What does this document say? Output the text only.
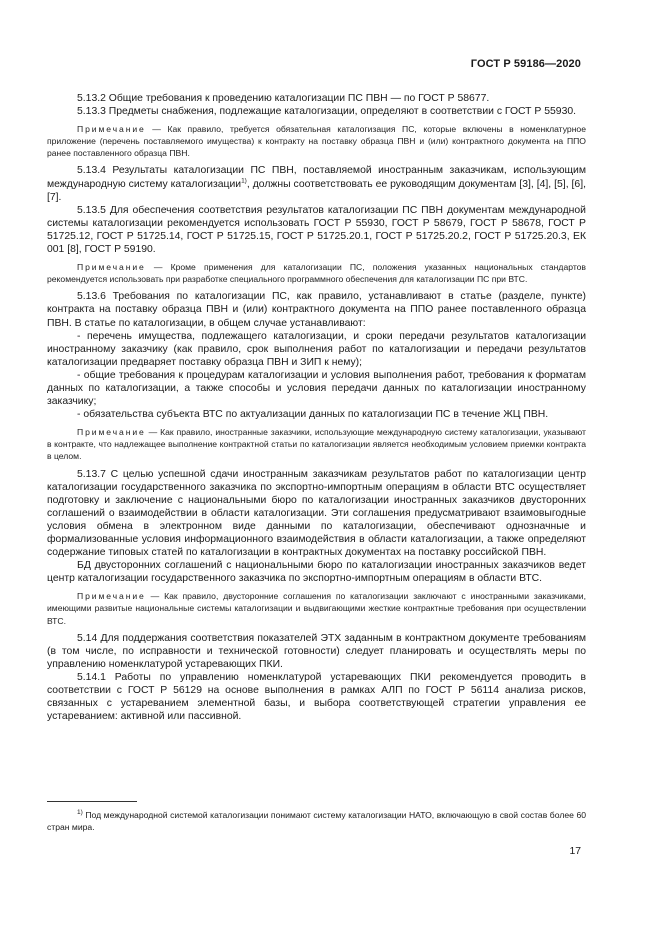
ГОСТ Р 59186—2020

5.13.2 Общие требования к проведению каталогизации ПС ПВН — по ГОСТ Р 58677.

5.13.3 Предметы снабжения, подлежащие каталогизации, определяют в соответствии с ГОСТ Р 55930.

Примечание — Как правило, требуется обязательная каталогизация ПС, которые включены в номенклатурное приложение (перечень поставляемого имущества) к контракту на поставку образца ПВН и (или) контрактного документа на ППО ранее поставленного образца ПВН.

5.13.4 Результаты каталогизации ПС ПВН, поставляемой иностранным заказчикам, использующим международную систему каталогизации$^{1)}$, должны соответствовать ее руководящим документам [3], [4], [5], [6], [7].

5.13.5 Для обеспечения соответствия результатов каталогизации ПС ПВН документам международной системы каталогизации рекомендуется использовать ГОСТ Р 55930, ГОСТ Р 58679, ГОСТ Р 58678, ГОСТ Р 51725.12, ГОСТ Р 51725.14, ГОСТ Р 51725.15, ГОСТ Р 51725.20.1, ГОСТ Р 51725.20.2, ГОСТ Р 51725.20.3, ЕК 001 [8], ГОСТ Р 59190.

Примечание — Кроме применения для каталогизации ПС, положения указанных национальных стандартов рекомендуется использовать при разработке специального программного обеспечения для каталогизации ПС при ВТС.

5.13.6 Требования по каталогизации ПС, как правило, устанавливают в статье (разделе, пункте) контракта на поставку образца ПВН и (или) контрактного документа на ППО ранее поставленного образца ПВН. В статье по каталогизации, в общем случае устанавливают:

- перечень имущества, подлежащего каталогизации, и сроки передачи результатов каталогизации иностранному заказчику (как правило, срок выполнения работ по каталогизации и передачи результатов каталогизации предваряет поставку образца ПВН и ЗИП к нему);

- общие требования к процедурам каталогизации и условия выполнения работ, требования к форматам данных по каталогизации, а также способы и условия передачи данных по каталогизации иностранному заказчику;

- обязательства субъекта ВТС по актуализации данных по каталогизации ПС в течение ЖЦ ПВН.

Примечание — Как правило, иностранные заказчики, использующие международную систему каталогизации, указывают в контракте, что надлежащее выполнение контрактной статьи по каталогизации является необходимым условием приемки контракта в целом.

5.13.7 С целью успешной сдачи иностранным заказчикам результатов работ по каталогизации центр каталогизации государственного заказчика по экспортно-импортным операциям в области ВТС осуществляет подготовку и заключение с национальными бюро по каталогизации иностранных заказчиков двусторонних соглашений о взаимодействии в области каталогизации. Эти соглашения предусматривают взаимовыгодные условия обмена в электронном виде данными по каталогизации, обеспечивают однозначные и формализованные условия информационного взаимодействия в области каталогизации, а также определяют содержание типовых статей по каталогизации в контрактных документах на поставку российской ПВН.

БД двусторонних соглашений с национальными бюро по каталогизации иностранных заказчиков ведет центр каталогизации государственного заказчика по экспортно-импортным операциям в области ВТС.

Примечание — Как правило, двусторонние соглашения по каталогизации заключают с иностранными заказчиками, имеющими развитые национальные системы каталогизации и выдвигающими жесткие контрактные требования при осуществлении ВТС.

5.14 Для поддержания соответствия показателей ЭТХ заданным в контрактном документе требованиям (в том числе, по исправности и технической готовности) следует планировать и осуществлять меры по управлению номенклатурой устаревающих ПКИ.

5.14.1 Работы по управлению номенклатурой устаревающих ПКИ рекомендуется проводить в соответствии с ГОСТ Р 56129 на основе выполнения в рамках АЛП по ГОСТ Р 56114 анализа рисков, связанных с устареванием элементной базы, и выбора соответствующей стратегии управления ее устареванием: активной или пассивной.

$^{1)}$ Под международной системой каталогизации понимают систему каталогизации НАТО, включающую в свой состав более 60 стран мира.

17
